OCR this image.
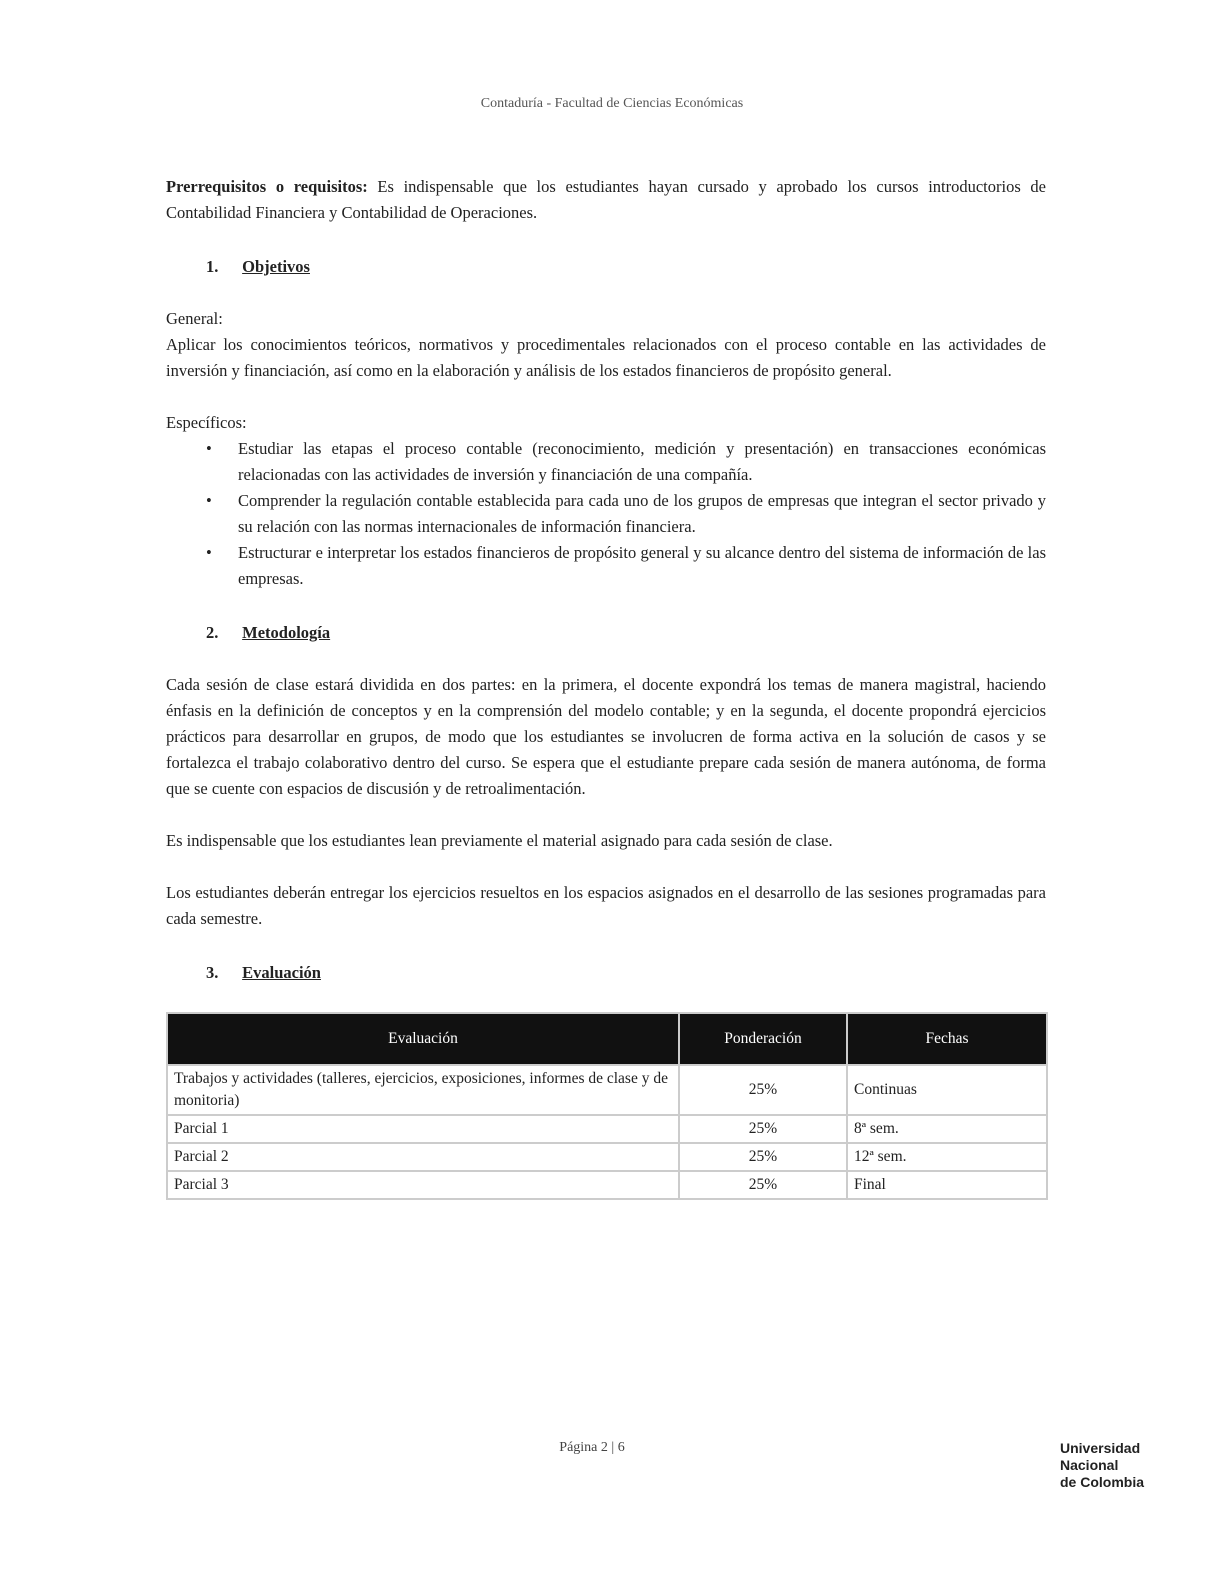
Contaduría - Facultad de Ciencias Económicas

Prerrequisitos o requisitos: Es indispensable que los estudiantes hayan cursado y aprobado los cursos introductorios de Contabilidad Financiera y Contabilidad de Operaciones.

1. Objetivos

General:

Aplicar los conocimientos teóricos, normativos y procedimentales relacionados con el proceso contable en las actividades de inversión y financiación, así como en la elaboración y análisis de los estados financieros de propósito general.

Específicos:

• Estudiar las etapas el proceso contable (reconocimiento, medición y presentación) en transacciones económicas relacionadas con las actividades de inversión y financiación de una compañía.
• Comprender la regulación contable establecida para cada uno de los grupos de empresas que integran el sector privado y su relación con las normas internacionales de información financiera.
• Estructurar e interpretar los estados financieros de propósito general y su alcance dentro del sistema de información de las empresas.
2. Metodología

Cada sesión de clase estará dividida en dos partes: en la primera, el docente expondrá los temas de manera magistral, haciendo énfasis en la definición de conceptos y en la comprensión del modelo contable; y en la segunda, el docente propondrá ejercicios prácticos para desarrollar en grupos, de modo que los estudiantes se involucren de forma activa en la solución de casos y se fortalezca el trabajo colaborativo dentro del curso. Se espera que el estudiante prepare cada sesión de manera autónoma, de forma que se cuente con espacios de discusión y de retroalimentación.

Es indispensable que los estudiantes lean previamente el material asignado para cada sesión de clase.

Los estudiantes deberán entregar los ejercicios resueltos en los espacios asignados en el desarrollo de las sesiones programadas para cada semestre.

3. Evaluación
Evaluación	Ponderación	Fechas
Trabajos y actividades (talleres, ejercicios, exposiciones, informes de clase y de monitoria)	25%	Continuas
Parcial 1	25%	8ª sem.
Parcial 2	25%	12ª sem.
Parcial 3	25%	Final
Página 2 | 6	Universidad
Nacional
de Colombia
